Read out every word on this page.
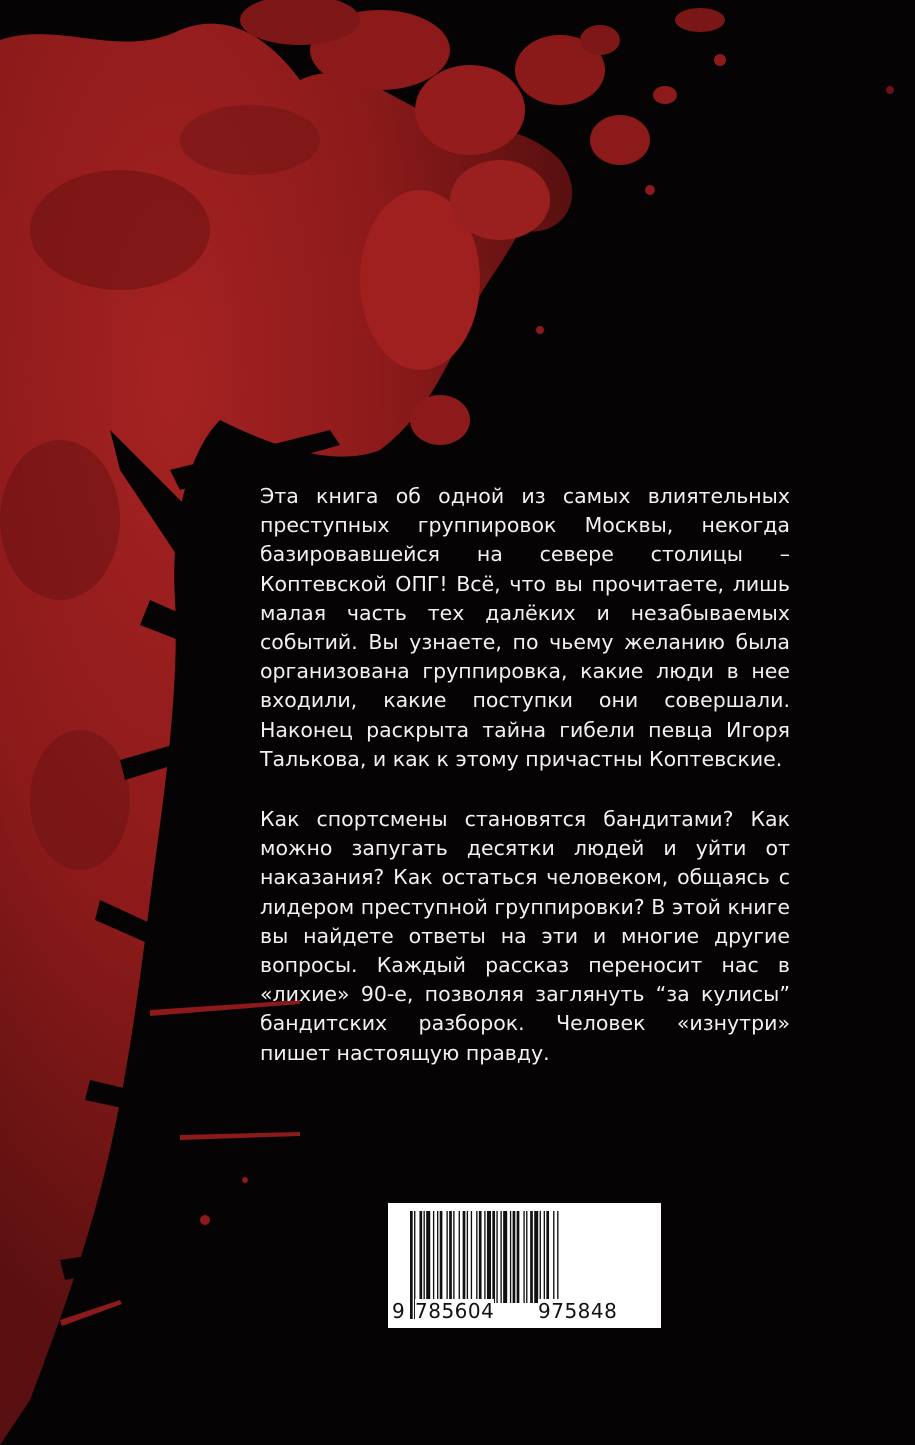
Эта книга об одной из самых влиятельных преступных группировок Москвы, некогда базировавшейся на севере столицы – Коптевской ОПГ! Всё, что вы прочитаете, лишь малая часть тех далёких и незабываемых событий. Вы узнаете, по чьему желанию была организована группировка, какие люди в нее входили, какие поступки они совершали. Наконец раскрыта тайна гибели певца Игоря Талькова, и как к этому причастны Коптевские.

Как спортсмены становятся бандитами? Как можно запугать десятки людей и уйти от наказания? Как остаться человеком, общаясь с лидером преступной группировки? В этой книге вы найдете ответы на эти и многие другие вопросы. Каждый рассказ переносит нас в «лихие» 90-е, позволяя заглянуть “за кулисы” бандитских разборок. Человек «изнутри» пишет настоящую правду.

9 785604 975848
